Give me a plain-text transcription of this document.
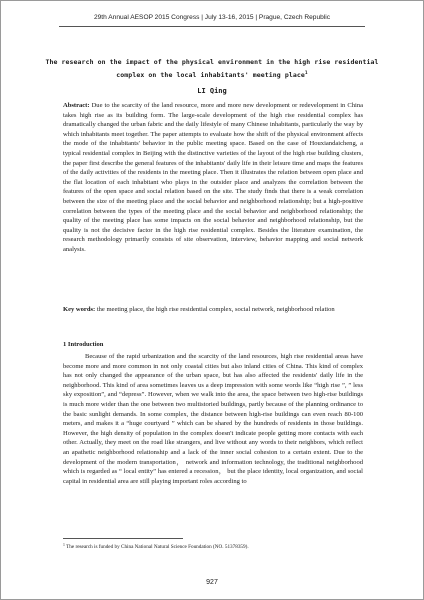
29th Annual AESOP 2015 Congress | July 13-16, 2015 | Prague, Czech Republic
The research on the impact of the physical environment in the high rise residential complex on the local inhabitants' meeting place$^1$
LI Qing
Abstract: Due to the scarcity of the land resource, more and more new development or redevelopment in China takes high rise as its building form. The large-scale development of the high rise residential complex has dramatically changed the urban fabric and the daily lifestyle of many Chinese inhabitants, particularly the way by which inhabitants meet together. The paper attempts to evaluate how the shift of the physical environment affects the mode of the inhabitants' behavior in the public meeting space. Based on the case of Houxiandaicheng, a typical residential complex in Beijing with the distinctive varieties of the layout of the high rise building clusters, the paper first describe the general features of the inhabitants' daily life in their leisure time and maps the features of the daily activities of the residents in the meeting place. Then it illustrates the relation between open place and the flat location of each inhabitant who plays in the outsider place and analyzes the correlation between the features of the open space and social relation based on the site. The study finds that there is a weak correlation between the size of the meeting place and the social behavior and neighborhood relationship; but a high-positive correlation between the types of the meeting place and the social behavior and neighborhood relationship; the quality of the meeting place has some impacts on the social behavior and neighborhood relationship, but the quality is not the decisive factor in the high rise residential complex. Besides the literature examination, the research methodology primarily consists of site observation, interview, behavior mapping and social network analysis.
Key words: the meeting place, the high rise residential complex, social network, neighborhood relation
1 Introduction
Because of the rapid urbanization and the scarcity of the land resources, high rise residential areas have become more and more common in not only coastal cities but also inland cities of China. This kind of complex has not only changed the appearance of the urban space, but has also affected the residents' daily life in the neighborhood. This kind of area sometimes leaves us a deep impression with some words like “high rise ”, ” less sky exposition”, and “depress”. However, when we walk into the area, the space between two high-rise buildings is much more wider than the one between two multistoried buildings, partly because of the planning ordinance to the basic sunlight demands. In some complex, the distance between high-rise buildings can even reach 80-100 meters, and makes it a “huge courtyard ” which can be shared by the hundreds of residents in those buildings. However, the high density of population in the complex doesn't indicate people getting more contacts with each other. Actually, they meet on the road like strangers, and live without any words to their neighbors, which reflect an apathetic neighborhood relationship and a lack of the inner social cohesion to a certain extent. Due to the development of the modern transportation， network and information technology, the traditional neighborhood which is regarded as “ local entity” has entered a recession， but the place identity, local organization, and social capital in residential area are still playing important roles according to
$^1$ The research is funded by China National Natural Science Foundation (NO. 51378359).
927
